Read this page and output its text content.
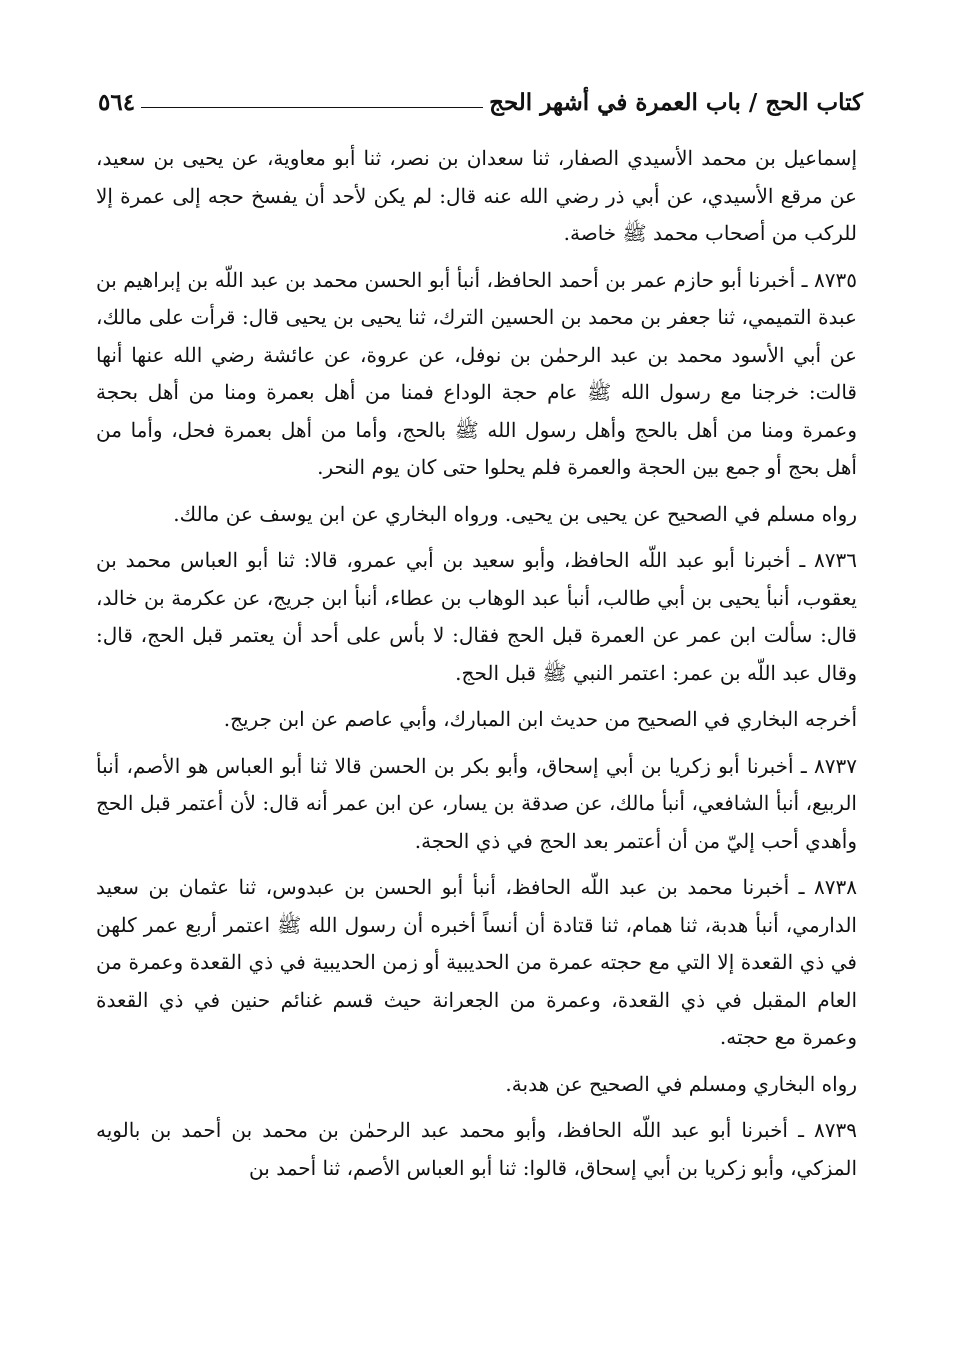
كتاب الحج / باب العمرة في أشهر الحج
٥٦٤

إسماعيل بن محمد الأسيدي الصفار، ثنا سعدان بن نصر، ثنا أبو معاوية، عن يحيى بن سعيد، عن مرقع الأسيدي، عن أبي ذر رضي الله عنه قال: لم يكن لأحد أن يفسخ حجه إلى عمرة إلا للركب من أصحاب محمد ﷺ خاصة.

٨٧٣٥ ـ أخبرنا أبو حازم عمر بن أحمد الحافظ، أنبأ أبو الحسن محمد بن عبد اللّه بن إبراهيم بن عبدة التميمي، ثنا جعفر بن محمد بن الحسين الترك، ثنا يحيى بن يحيى قال: قرأت على مالك، عن أبي الأسود محمد بن عبد الرحمٰن بن نوفل، عن عروة، عن عائشة رضي الله عنها أنها قالت: خرجنا مع رسول الله ﷺ عام حجة الوداع فمنا من أهل بعمرة ومنا من أهل بحجة وعمرة ومنا من أهل بالحج وأهل رسول الله ﷺ بالحج، وأما من أهل بعمرة فحل، وأما من أهل بحج أو جمع بين الحجة والعمرة فلم يحلوا حتى كان يوم النحر.

رواه مسلم في الصحيح عن يحيى بن يحيى. ورواه البخاري عن ابن يوسف عن مالك.

٨٧٣٦ ـ أخبرنا أبو عبد اللّه الحافظ، وأبو سعيد بن أبي عمرو، قالا: ثنا أبو العباس محمد بن يعقوب، أنبأ يحيى بن أبي طالب، أنبأ عبد الوهاب بن عطاء، أنبأ ابن جريج، عن عكرمة بن خالد، قال: سألت ابن عمر عن العمرة قبل الحج فقال: لا بأس على أحد أن يعتمر قبل الحج، قال: وقال عبد اللّه بن عمر: اعتمر النبي ﷺ قبل الحج.

أخرجه البخاري في الصحيح من حديث ابن المبارك، وأبي عاصم عن ابن جريج.

٨٧٣٧ ـ أخبرنا أبو زكريا بن أبي إسحاق، وأبو بكر بن الحسن قالا ثنا أبو العباس هو الأصم، أنبأ الربيع، أنبأ الشافعي، أنبأ مالك، عن صدقة بن يسار، عن ابن عمر أنه قال: لأن أعتمر قبل الحج وأهدي أحب إليّ من أن أعتمر بعد الحج في ذي الحجة.

٨٧٣٨ ـ أخبرنا محمد بن عبد اللّه الحافظ، أنبأ أبو الحسن بن عبدوس، ثنا عثمان بن سعيد الدارمي، أنبأ هدبة، ثنا همام، ثنا قتادة أن أنساً أخبره أن رسول الله ﷺ اعتمر أربع عمر كلهن في ذي القعدة إلا التي مع حجته عمرة من الحديبية أو زمن الحديبية في ذي القعدة وعمرة من العام المقبل في ذي القعدة، وعمرة من الجعرانة حيث قسم غنائم حنين في ذي القعدة وعمرة مع حجته.

رواه البخاري ومسلم في الصحيح عن هدبة.

٨٧٣٩ ـ أخبرنا أبو عبد اللّه الحافظ، وأبو محمد عبد الرحمٰن بن محمد بن أحمد بن بالويه المزكي، وأبو زكريا بن أبي إسحاق، قالوا: ثنا أبو العباس الأصم، ثنا أحمد بن
